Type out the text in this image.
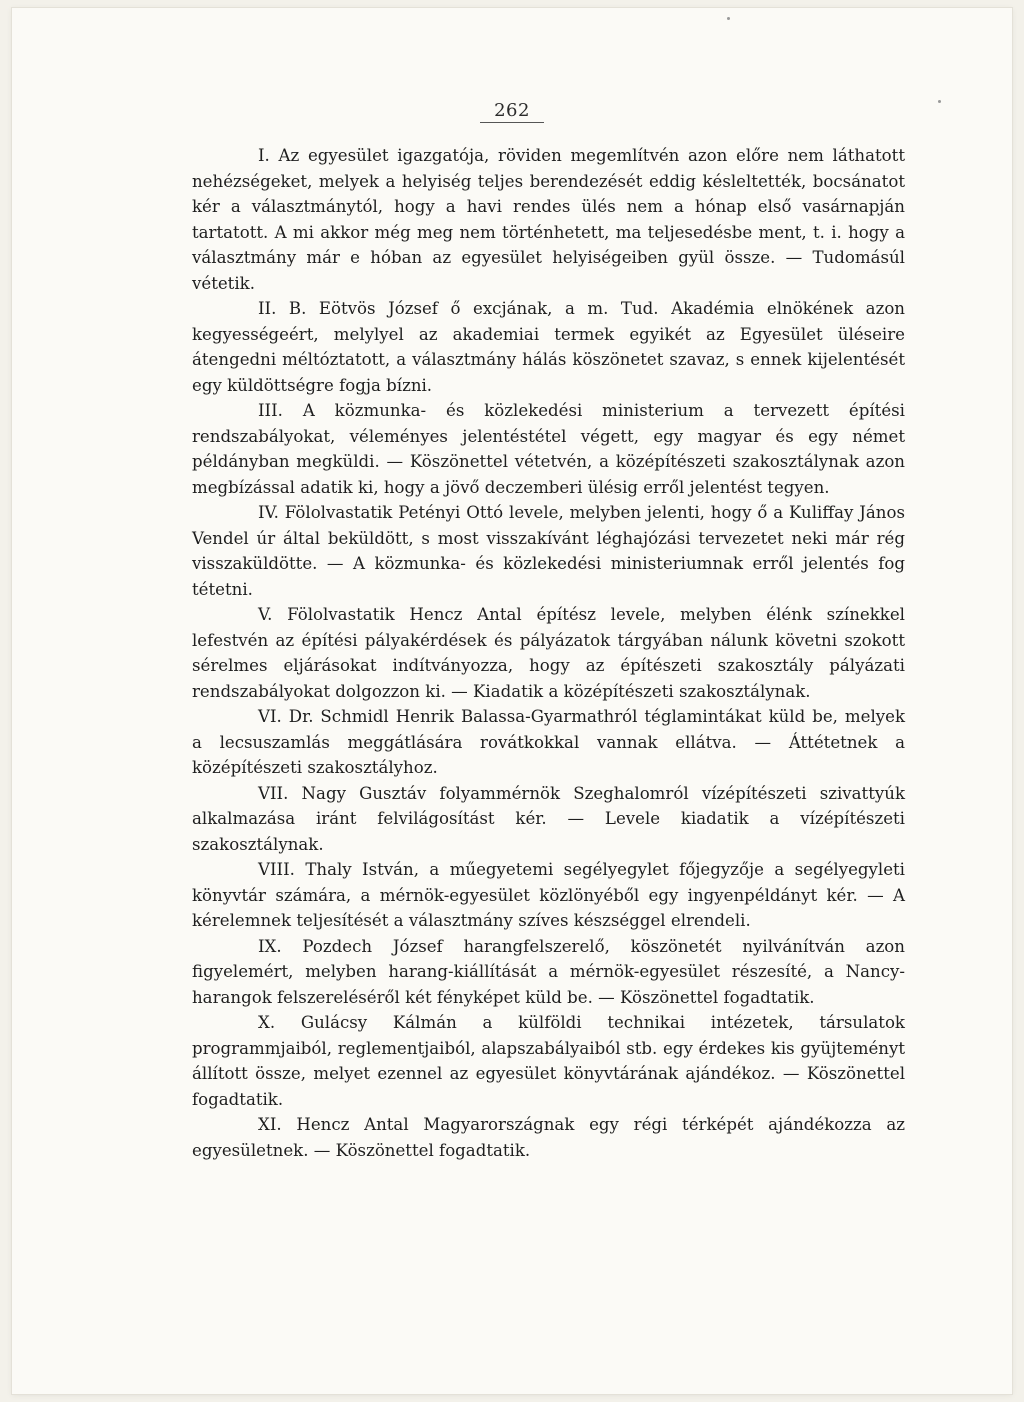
262

I. Az egyesület igazgatója, röviden megemlítvén azon előre nem láthatott nehézségeket, melyek a helyiség teljes berendezését eddig késleltették, bocsánatot kér a választmánytól, hogy a havi rendes ülés nem a hónap első vasárnapján tartatott. A mi akkor még meg nem történhetett, ma teljesedésbe ment, t. i. hogy a választmány már e hóban az egyesület helyiségeiben gyül össze. — Tudomásúl vétetik.

II. B. Eötvös József ő excjának, a m. Tud. Akadémia elnökének azon kegyességeért, melylyel az akademiai termek egyikét az Egyesület üléseire átengedni méltóztatott, a választmány hálás köszönetet szavaz, s ennek kijelentését egy küldöttségre fogja bízni.

III. A közmunka- és közlekedési ministerium a tervezett építési rendszabályokat, véleményes jelentéstétel végett, egy magyar és egy német példányban megküldi. — Köszönettel vétetvén, a középítészeti szakosztálynak azon megbízással adatik ki, hogy a jövő deczemberi ülésig erről jelentést tegyen.

IV. Fölolvastatik Petényi Ottó levele, melyben jelenti, hogy ő a Kuliffay János Vendel úr által beküldött, s most visszakívánt léghajózási tervezetet neki már rég visszaküldötte. — A közmunka- és közlekedési ministeriumnak erről jelentés fog tétetni.

V. Fölolvastatik Hencz Antal építész levele, melyben élénk színekkel lefestvén az építési pályakérdések és pályázatok tárgyában nálunk követni szokott sérelmes eljárásokat indítványozza, hogy az építészeti szakosztály pályázati rendszabályokat dolgozzon ki. — Kiadatik a középítészeti szakosztálynak.

VI. Dr. Schmidl Henrik Balassa-Gyarmathról téglamintákat küld be, melyek a lecsuszamlás meggátlására rovátkokkal vannak ellátva. — Áttétetnek a középítészeti szakosztályhoz.

VII. Nagy Gusztáv folyammérnök Szeghalomról vízépítészeti szivattyúk alkalmazása iránt felvilágosítást kér. — Levele kiadatik a vízépítészeti szakosztálynak.

VIII. Thaly István, a műegyetemi segélyegylet főjegyzője a segélyegyleti könyvtár számára, a mérnök-egyesület közlönyéből egy ingyenpéldányt kér. — A kérelemnek teljesítését a választmány szíves készséggel elrendeli.

IX. Pozdech József harangfelszerelő, köszönetét nyilvánítván azon figyelemért, melyben harang-kiállítását a mérnök-egyesület részesíté, a Nancy-harangok felszereléséről két fényképet küld be. — Köszönettel fogadtatik.

X. Gulácsy Kálmán a külföldi technikai intézetek, társulatok programmjaiból, reglementjaiból, alapszabályaiból stb. egy érdekes kis gyüjteményt állított össze, melyet ezennel az egyesület könyvtárának ajándékoz. — Köszönettel fogadtatik.

XI. Hencz Antal Magyarországnak egy régi térképét ajándékozza az egyesületnek. — Köszönettel fogadtatik.
